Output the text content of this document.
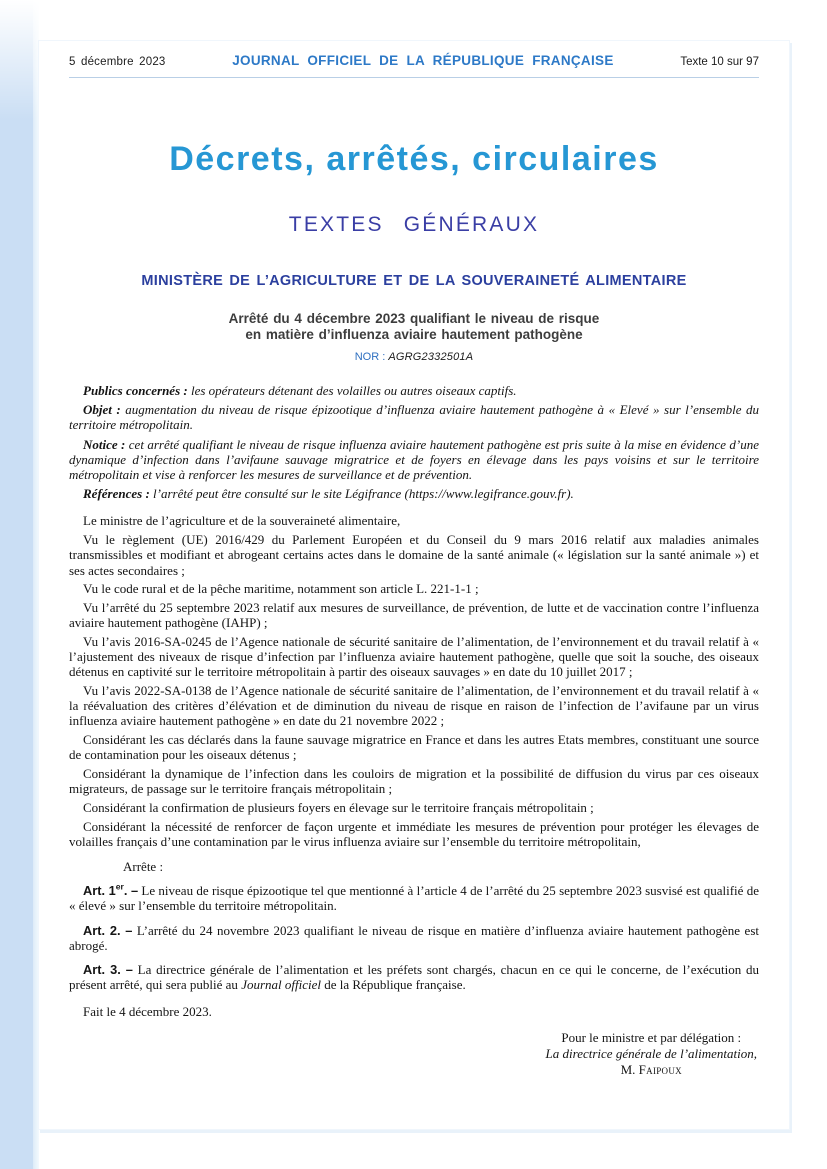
5 décembre 2023	JOURNAL OFFICIEL DE LA RÉPUBLIQUE FRANÇAISE	Texte 10 sur 97
Décrets, arrêtés, circulaires
TEXTES GÉNÉRAUX
MINISTÈRE DE L’AGRICULTURE ET DE LA SOUVERAINETÉ ALIMENTAIRE
Arrêté du 4 décembre 2023 qualifiant le niveau de risque
en matière d’influenza aviaire hautement pathogène
NOR : AGRG2332501A

Publics concernés : les opérateurs détenant des volailles ou autres oiseaux captifs.

Objet : augmentation du niveau de risque épizootique d’influenza aviaire hautement pathogène à « Elevé » sur l’ensemble du territoire métropolitain.

Notice : cet arrêté qualifiant le niveau de risque influenza aviaire hautement pathogène est pris suite à la mise en évidence d’une dynamique d’infection dans l’avifaune sauvage migratrice et de foyers en élevage dans les pays voisins et sur le territoire métropolitain et vise à renforcer les mesures de surveillance et de prévention.

Références : l’arrêté peut être consulté sur le site Légifrance (https://www.legifrance.gouv.fr).

Le ministre de l’agriculture et de la souveraineté alimentaire,

Vu le règlement (UE) 2016/429 du Parlement Européen et du Conseil du 9 mars 2016 relatif aux maladies animales transmissibles et modifiant et abrogeant certains actes dans le domaine de la santé animale (« législation sur la santé animale ») et ses actes secondaires ;

Vu le code rural et de la pêche maritime, notamment son article L. 221-1-1 ;

Vu l’arrêté du 25 septembre 2023 relatif aux mesures de surveillance, de prévention, de lutte et de vaccination contre l’influenza aviaire hautement pathogène (IAHP) ;

Vu l’avis 2016-SA-0245 de l’Agence nationale de sécurité sanitaire de l’alimentation, de l’environnement et du travail relatif à « l’ajustement des niveaux de risque d’infection par l’influenza aviaire hautement pathogène, quelle que soit la souche, des oiseaux détenus en captivité sur le territoire métropolitain à partir des oiseaux sauvages » en date du 10 juillet 2017 ;

Vu l’avis 2022-SA-0138 de l’Agence nationale de sécurité sanitaire de l’alimentation, de l’environnement et du travail relatif à « la réévaluation des critères d’élévation et de diminution du niveau de risque en raison de l’infection de l’avifaune par un virus influenza aviaire hautement pathogène » en date du 21 novembre 2022 ;

Considérant les cas déclarés dans la faune sauvage migratrice en France et dans les autres Etats membres, constituant une source de contamination pour les oiseaux détenus ;

Considérant la dynamique de l’infection dans les couloirs de migration et la possibilité de diffusion du virus par ces oiseaux migrateurs, de passage sur le territoire français métropolitain ;

Considérant la confirmation de plusieurs foyers en élevage sur le territoire français métropolitain ;

Considérant la nécessité de renforcer de façon urgente et immédiate les mesures de prévention pour protéger les élevages de volailles français d’une contamination par le virus influenza aviaire sur l’ensemble du territoire métropolitain,

Arrête :

Art. 1er. – Le niveau de risque épizootique tel que mentionné à l’article 4 de l’arrêté du 25 septembre 2023 susvisé est qualifié de « élevé » sur l’ensemble du territoire métropolitain.

Art. 2. – L’arrêté du 24 novembre 2023 qualifiant le niveau de risque en matière d’influenza aviaire hautement pathogène est abrogé.

Art. 3. – La directrice générale de l’alimentation et les préfets sont chargés, chacun en ce qui le concerne, de l’exécution du présent arrêté, qui sera publié au Journal officiel de la République française.

Fait le 4 décembre 2023.

Pour le ministre et par délégation :
La directrice générale de l’alimentation,
M. Faipoux
